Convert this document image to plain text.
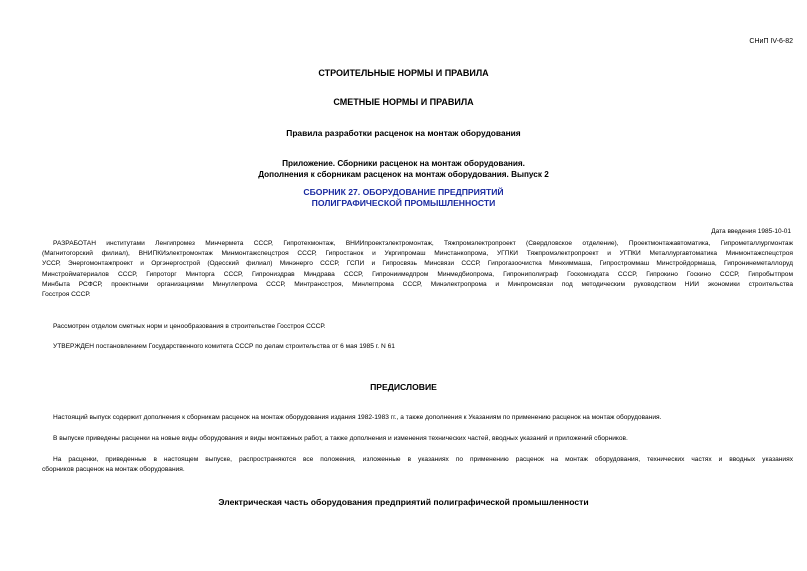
СНиП IV-6-82
СТРОИТЕЛЬНЫЕ НОРМЫ И ПРАВИЛА
СМЕТНЫЕ НОРМЫ И ПРАВИЛА
Правила разработки расценок на монтаж оборудования
Приложение. Сборники расценок на монтаж оборудования.
Дополнения к сборникам расценок на монтаж оборудования. Выпуск 2
СБОРНИК 27. ОБОРУДОВАНИЕ ПРЕДПРИЯТИЙ
ПОЛИГРАФИЧЕСКОЙ ПРОМЫШЛЕННОСТИ
Дата введения 1985-10-01
РАЗРАБОТАН институтами Ленгипромез Минчермета СССР, Гипротехмонтаж, ВНИИпроектэлектромонтаж, Тяжпромэлектропроект (Свердловское отделение), Проектмонтажавтоматика, Гипрометаллургмонтаж
(Магнитогорский филиал), ВНИПКИэлектромонтаж Минмонтажспецстроя СССР, Гипростанок и Укргипромаш Минстанкопрома, УГПКИ Тяжпромэлектропроект и УГПКИ Металлургавтоматика Минмонтажспецстроя
УССР, Энергомонтажпроект и Оргэнергострой (Одесский филиал) Минэнерго СССР, ГСПИ и Гипросвязь Минсвязи СССР, Гипрогазоочистка Минхиммаша, Гипростроммаш Минстройдормаша, Гипронинеметаллоруд
Минстройматериалов СССР, Гипроторг Минторга СССР, Гипрониздрав Миндрава СССР, Гипрониимедпром Минмедбиопрома, Гипрониполиграф Госкомиздата СССР, Гипрокино Госкино СССР, Гипробытпром
Минбыта РСФСР, проектными организациями Минуглепрома СССР, Минтрансстроя, Минлегпрома СССР, Минэлектропрома и Минпромсвязи под методическим руководством НИИ экономики строительства
Госстроя СССР.
Рассмотрен отделом сметных норм и ценообразования в строительстве Госстроя СССР.
УТВЕРЖДЕН постановлением Государственного комитета СССР по делам строительства от 6 мая 1985 г. N 61
ПРЕДИСЛОВИЕ
Настоящий выпуск содержит дополнения к сборникам расценок на монтаж оборудования издания 1982-1983 гг., а также дополнения к Указаниям по применению расценок на монтаж оборудования.
В выпуске приведены расценки на новые виды оборудования и виды монтажных работ, а также дополнения и изменения технических частей, вводных указаний и приложений сборников.
На расценки, приведенные в настоящем выпуске, распространяются все положения, изложенные в указаниях по применению расценок на монтаж оборудования, технических частях и вводных указаниях
сборников расценок на монтаж оборудования.
Электрическая часть оборудования предприятий полиграфической промышленности
